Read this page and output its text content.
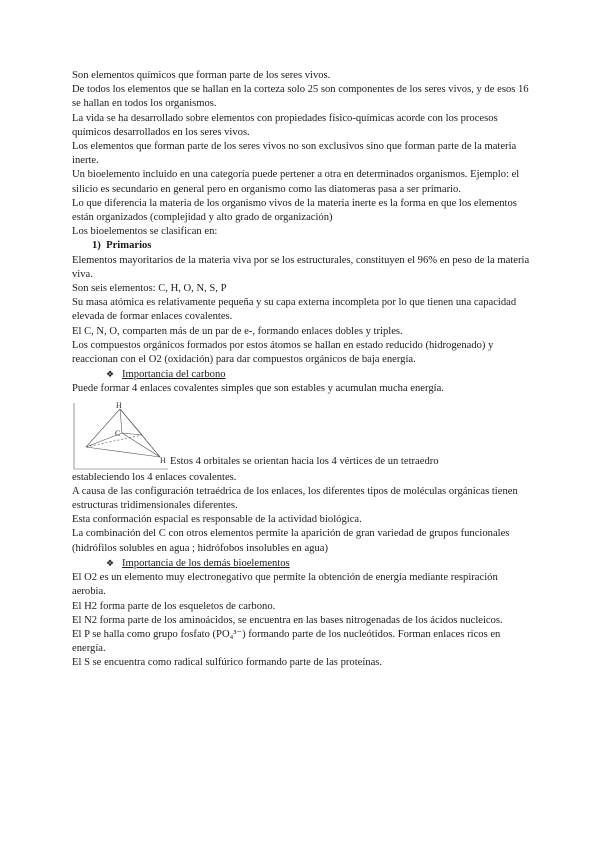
Son elementos químicos que forman parte de los seres vivos.

De todos los elementos que se hallan en la corteza solo 25 son componentes de los seres vivos, y de esos 16 se hallan en todos los organismos.

La vida se ha desarrollado sobre elementos con propiedades físico-químicas acorde con los procesos químicos desarrollados en los seres vivos.

Los elementos que forman parte de los seres vivos no son exclusivos sino que forman parte de la materia inerte.

Un bioelemento incluido en una categoría puede pertener a otra en determinados organismos. Ejemplo: el silicio es secundario en general pero en organismo como las diatomeras pasa a ser primario.

Lo que diferencia la materia de los organismo vivos de la materia inerte es la forma en que los elementos están organizados (complejidad y alto grado de organización)

Los bioelementos se clasifican en:

1) Primarios

Elementos mayoritarios de la materia viva por se los estructurales, constituyen el 96% en peso de la materia viva.

Son seis elementos: C, H, O, N, S, P

Su masa atómica es relativamente pequeña y su capa externa incompleta por lo que tienen una capacidad elevada de formar enlaces covalentes.

El C, N, O, comparten más de un par de e-, formando enlaces dobles y triples.

Los compuestos orgánicos formados por estos átomos se hallan en estado reducido (hidrogenado) y reaccionan con el O2 (oxidación) para dar compuestos orgánicos de baja energía.

❖ Importancia del carbono

Puede formar 4 enlaces covalentes simples que son estables y acumulan mucha energía.

H
C
H Estos 4 orbitales se orientan hacia los 4 vértices de un tetraedro

estableciendo los 4 enlaces covalentes.

A causa de las configuración tetraédrica de los enlaces, los diferentes tipos de moléculas orgánicas tienen estructuras tridimensionales diferentes.

Esta conformación espacial es responsable de la actividad biológica.

La combinación del C con otros elementos permite la aparición de gran variedad de grupos funcionales (hidrófilos solubles en agua ; hidrófobos insolubles en agua)

❖ Importancia de los demás bioelementos

El O2 es un elemento muy electronegativo que permite la obtención de energía mediante respiración aerobia.

El H2 forma parte de los esqueletos de carbono.

El N2 forma parte de los aminoácidos, se encuentra en las bases nitrogenadas de los ácidos nucleicos.

El P se halla como grupo fosfato (PO₄³⁻) formando parte de los nucleótidos. Forman enlaces ricos en energía.

El S se encuentra como radical sulfúrico formando parte de las proteínas.
